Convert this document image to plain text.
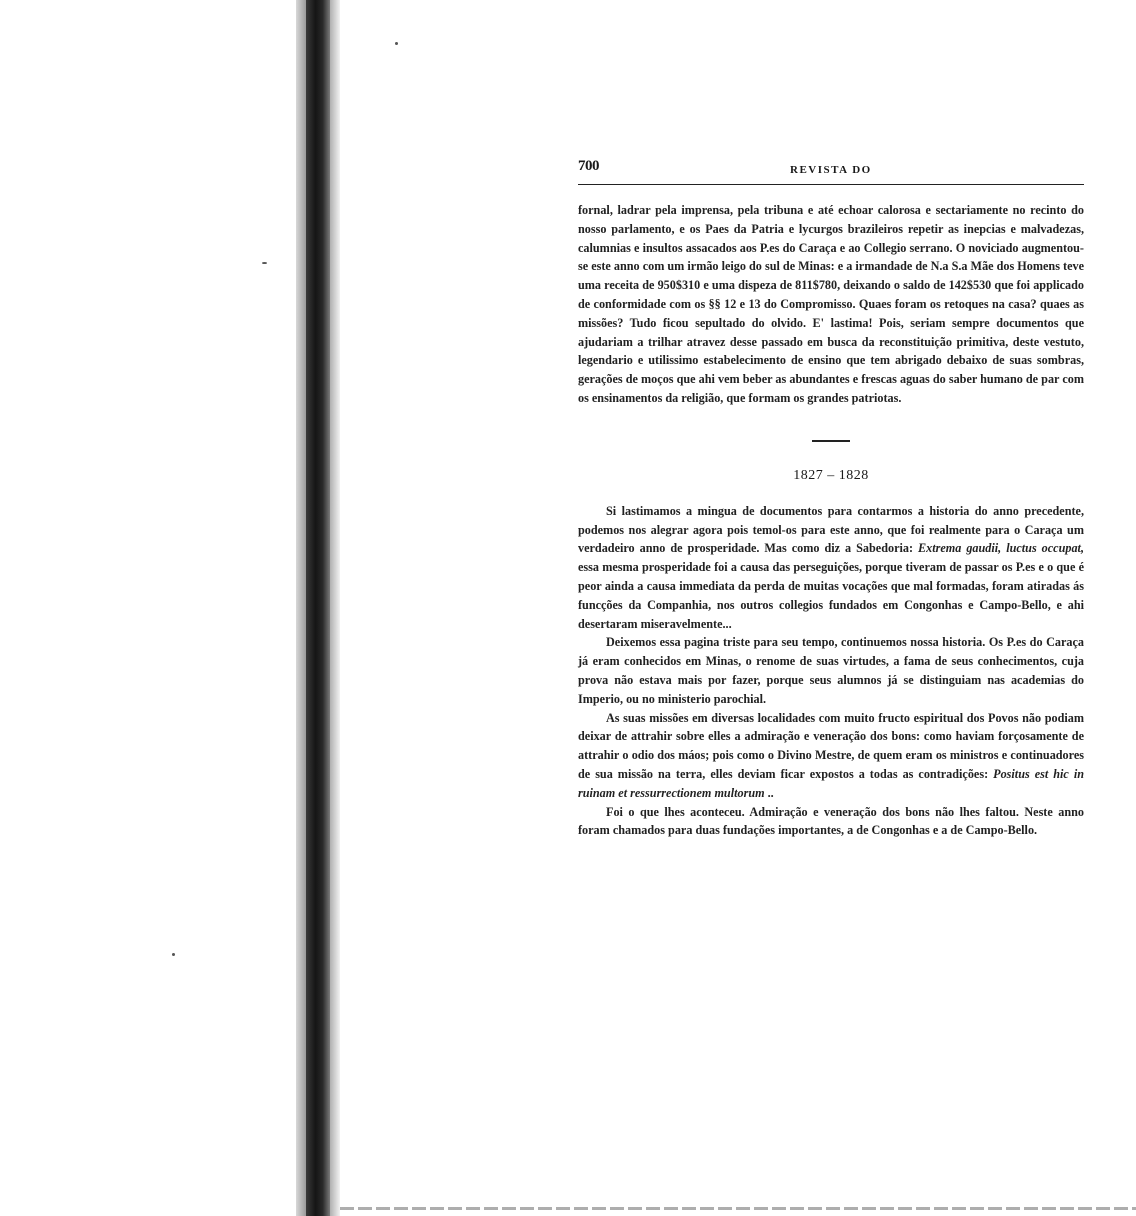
700	REVISTA DO

fornal, ladrar pela imprensa, pela tribuna e até echoar calorosa e sectariamente no recinto do nosso parlamento, e os Paes da Patria e lycurgos brazileiros repetir as inepcias e malvadezas, calumnias e insultos assacados aos P.es do Caraça e ao Collegio serrano. O noviciado augmentou-se este anno com um irmão leigo do sul de Minas: e a irmandade de N.a S.a Mãe dos Homens teve uma receita de 950$310 e uma dispeza de 811$780, deixando o saldo de 142$530 que foi applicado de conformidade com os §§ 12 e 13 do Compromisso. Quaes foram os retoques na casa? quaes as missões? Tudo ficou sepultado do olvido. E' lastima! Pois, seriam sempre documentos que ajudariam a trilhar atravez desse passado em busca da reconstituição primitiva, deste vestuto, legendario e utilissimo estabelecimento de ensino que tem abrigado debaixo de suas sombras, gerações de moços que ahi vem beber as abundantes e frescas aguas do saber humano de par com os ensinamentos da religião, que formam os grandes patriotas.

1827 – 1828

Si lastimamos a mingua de documentos para contarmos a historia do anno precedente, podemos nos alegrar agora pois temol-os para este anno, que foi realmente para o Caraça um verdadeiro anno de prosperidade. Mas como diz a Sabedoria: Extrema gaudii, luctus occupat, essa mesma prosperidade foi a causa das perseguições, porque tiveram de passar os P.es e o que é peor ainda a causa immediata da perda de muitas vocações que mal formadas, foram atiradas ás funcções da Companhia, nos outros collegios fundados em Congonhas e Campo-Bello, e ahi desertaram miseravelmente...

Deixemos essa pagina triste para seu tempo, continuemos nossa historia. Os P.es do Caraça já eram conhecidos em Minas, o renome de suas virtudes, a fama de seus conhecimentos, cuja prova não estava mais por fazer, porque seus alumnos já se distinguiam nas academias do Imperio, ou no ministerio parochial.

As suas missões em diversas localidades com muito fructo espiritual dos Povos não podiam deixar de attrahir sobre elles a admiração e veneração dos bons: como haviam forçosamente de attrahir o odio dos máos; pois como o Divino Mestre, de quem eram os ministros e continuadores de sua missão na terra, elles deviam ficar expostos a todas as contradições: Positus est hic in ruinam et ressurrectionem multorum ..

Foi o que lhes aconteceu. Admiração e veneração dos bons não lhes faltou. Neste anno foram chamados para duas fundações importantes, a de Congonhas e a de Campo-Bello.
